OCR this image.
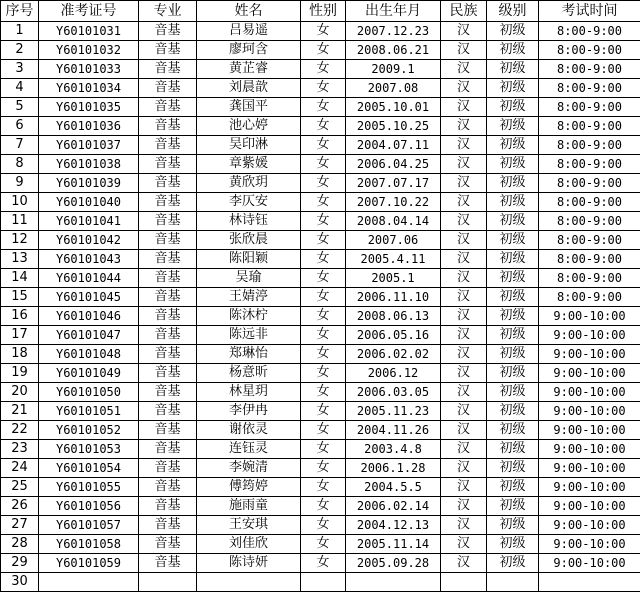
序号	准考证号	专业	姓名	性别	出生年月	民族	级别	考试时间
1	Y60101031	音基	吕易遥	女	2007.12.23	汉	初级	8:00-9:00
2	Y60101032	音基	廖珂含	女	2008.06.21	汉	初级	8:00-9:00
3	Y60101033	音基	黄芷睿	女	2009.1	汉	初级	8:00-9:00
4	Y60101034	音基	刘晨歆	女	2007.08	汉	初级	8:00-9:00
5	Y60101035	音基	龚国平	女	2005.10.01	汉	初级	8:00-9:00
6	Y60101036	音基	池心婷	女	2005.10.25	汉	初级	8:00-9:00
7	Y60101037	音基	吴印淋	女	2004.07.11	汉	初级	8:00-9:00
8	Y60101038	音基	章紫媛	女	2006.04.25	汉	初级	8:00-9:00
9	Y60101039	音基	黄欣玥	女	2007.07.17	汉	初级	8:00-9:00
10	Y60101040	音基	李仄安	女	2007.10.22	汉	初级	8:00-9:00
11	Y60101041	音基	林诗钰	女	2008.04.14	汉	初级	8:00-9:00
12	Y60101042	音基	张欣晨	女	2007.06	汉	初级	8:00-9:00
13	Y60101043	音基	陈阳颖	女	2005.4.11	汉	初级	8:00-9:00
14	Y60101044	音基	吴瑜	女	2005.1	汉	初级	8:00-9:00
15	Y60101045	音基	王婧渟	女	2006.11.10	汉	初级	8:00-9:00
16	Y60101046	音基	陈沐柠	女	2008.06.13	汉	初级	9:00-10:00
17	Y60101047	音基	陈远非	女	2006.05.16	汉	初级	9:00-10:00
18	Y60101048	音基	郑琳怡	女	2006.02.02	汉	初级	9:00-10:00
19	Y60101049	音基	杨意昕	女	2006.12	汉	初级	9:00-10:00
20	Y60101050	音基	林星玥	女	2006.03.05	汉	初级	9:00-10:00
21	Y60101051	音基	李伊冉	女	2005.11.23	汉	初级	9:00-10:00
22	Y60101052	音基	谢依灵	女	2004.11.26	汉	初级	9:00-10:00
23	Y60101053	音基	连钰灵	女	2003.4.8	汉	初级	9:00-10:00
24	Y60101054	音基	李婉清	女	2006.1.28	汉	初级	9:00-10:00
25	Y60101055	音基	傅筠婷	女	2004.5.5	汉	初级	9:00-10:00
26	Y60101056	音基	施雨童	女	2006.02.14	汉	初级	9:00-10:00
27	Y60101057	音基	王安琪	女	2004.12.13	汉	初级	9:00-10:00
28	Y60101058	音基	刘佳欣	女	2005.11.14	汉	初级	9:00-10:00
29	Y60101059	音基	陈诗妍	女	2005.09.28	汉	初级	9:00-10:00
30								
